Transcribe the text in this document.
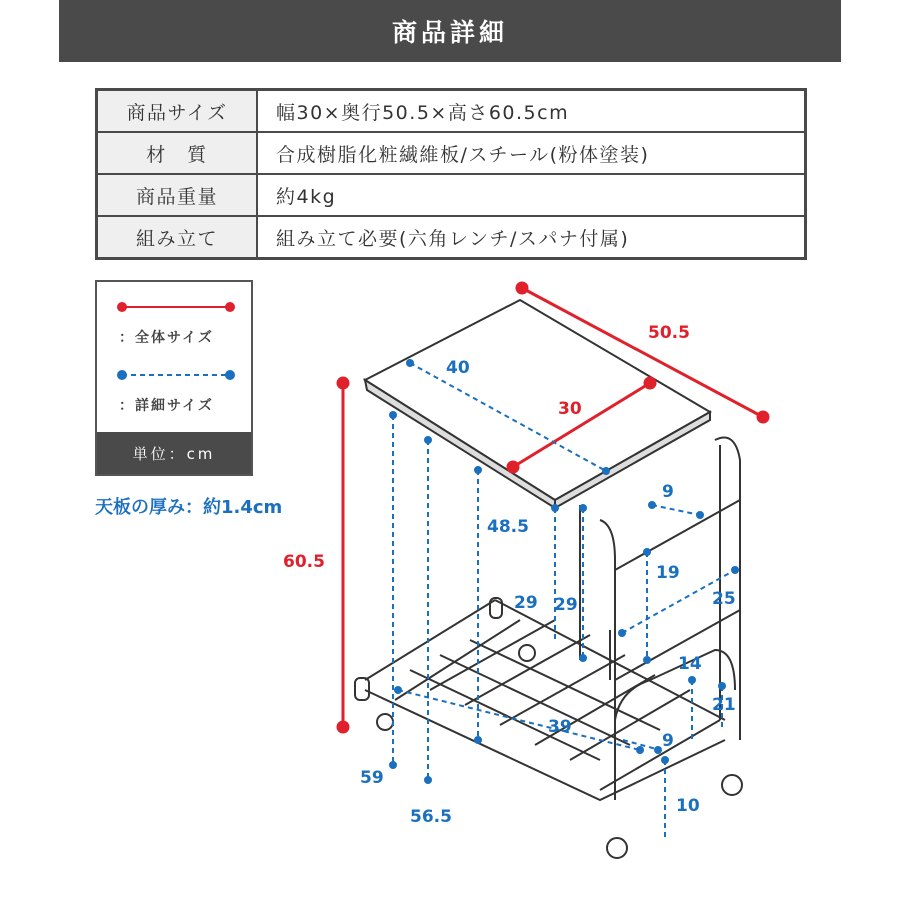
商品詳細
商品サイズ	幅30×奥行50.5×高さ60.5cm
材　質	合成樹脂化粧繊維板/スチール(粉体塗装)
商品重量	約4kg
組み立て	組み立て必要(六角レンチ/スパナ付属)
：全体サイズ
：詳細サイズ
単位：cm
天板の厚み：約1.4cm
50.5
30
60.5
40
48.5
9
29 29
19
25
14
21
39
9
59
56.5
10
